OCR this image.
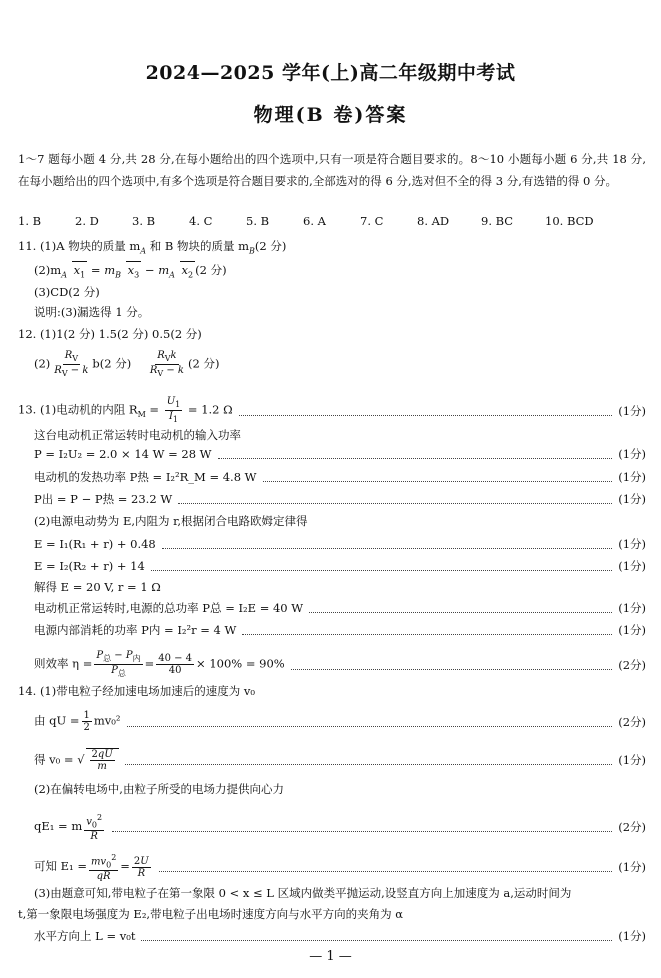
2024—2025 学年(上)高二年级期中考试
物理(B 卷)答案
1～7 题每小题 4 分,共 28 分,在每小题给出的四个选项中,只有一项是符合题目要求的。8～10 小题每小题 6 分,共 18 分,在每小题给出的四个选项中,有多个选项是符合题目要求的,全部选对的得 6 分,选对但不全的得 3 分,有选错的得 0 分。
1. B	2. D	3. B	4. C	5. B	6. A	7. C	8. AD	9. BC	10. BCD
11. (1)A 物块的质量 $m_A$ 和 B 物块的质量 $m_B(2$ 分)
$(2)m_A$ $x_1 = m_B$ $x_3 - m_A$ $x_2$ (2 分)
(3)CD(2 分)
说明:(3)漏选得 1 分。
12. (1)1(2 分) 1.5(2 分) 0.5(2 分)
$(2) \frac{R_V}{R_V - k} b(2$ 分) $\frac{R_Vk}{R_V - k} (2$ 分)
13. (1)电动机的内阻 $R_M = \frac{U_1}{I_1} = 1.2$ Ω	(1分)
这台电动机正常运转时电动机的输入功率
P = I₂U₂ = 2.0 × 14 W = 28 W	(1分)
电动机的发热功率 P热 = I₂²R_M = 4.8 W	(1分)
P出 = P − P热 = 23.2 W	(1分)
(2)电源电动势为 E,内阻为 r,根据闭合电路欧姆定律得
E = I₁(R₁ + r) + 0.48	(1分)
E = I₂(R₂ + r) + 14	(1分)
解得 E = 20 V, r = 1 Ω
电动机正常运转时,电源的总功率 P总 = I₂E = 40 W	(1分)
电源内部消耗的功率 P内 = I₂²r = 4 W	(1分)
则效率 $\eta = \frac{P_总 - P_内}{P_总} = \frac{40 - 4}{40} \times 100\% = 90\%$	(2分)
14. (1)带电粒子经加速电场加速后的速度为 v₀
由 qU = $\frac{1}{2} mv_0^2$	(2分)
得 v₀ = √ $\frac{2qU}{m}$	(1分)
(2)在偏转电场中,由粒子所受的电场力提供向心力
qE₁ = m $\frac{v_0^2}{R}$	(2分)
可知 $E_1 = \frac{mv_0^2}{qR} = \frac{2U}{R}$	(1分)
(3)由题意可知,带电粒子在第一象限 0 < x ≤ L 区域内做类平抛运动,设竖直方向上加速度为 a,运动时间为
t,第一象限电场强度为 E₂,带电粒子出电场时速度方向与水平方向的夹角为 α
水平方向上 L = v₀t	(1分)
— 1 —
